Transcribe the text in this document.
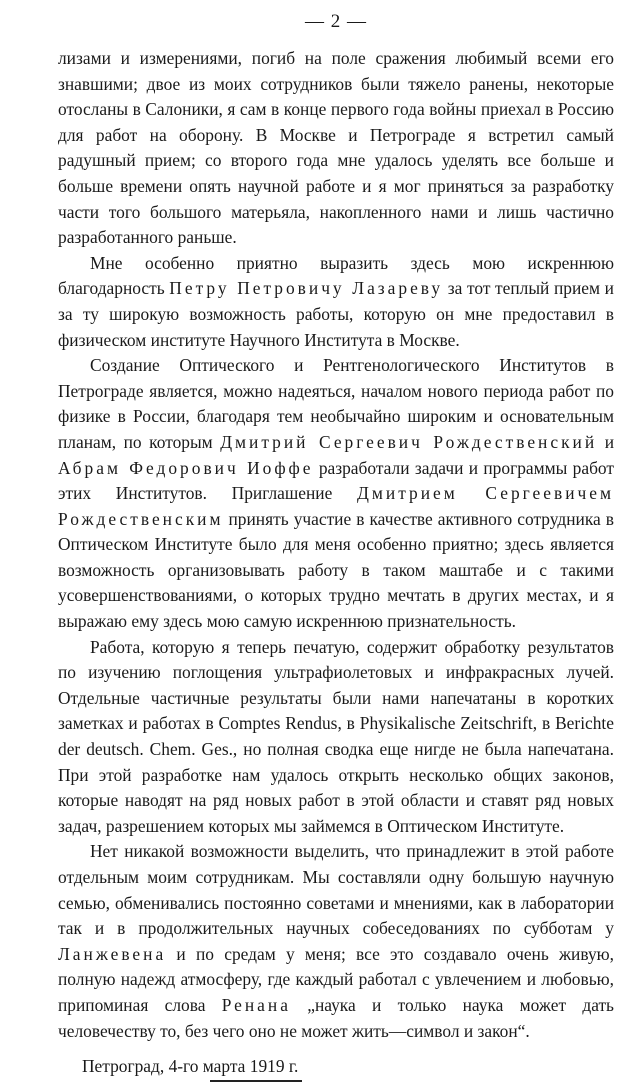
— 2 —

лизами и измерениями, погиб на поле сражения любимый всеми его знавшими; двое из моих сотрудников были тяжело ранены, некоторые отосланы в Салоники, я сам в конце первого года войны приехал в Россию для работ на оборону. В Москве и Петрограде я встретил самый радушный прием; со второго года мне удалось уделять все больше и больше времени опять научной работе и я мог приняться за разработку части того большого матерьяла, накопленного нами и лишь частично разработанного раньше.

Мне особенно приятно выразить здесь мою искреннюю благодарность Петру Петровичу Лазареву за тот теплый прием и за ту широкую возможность работы, которую он мне предоставил в физическом институте Научного Института в Москве.

Создание Оптического и Рентгенологического Институтов в Петрограде является, можно надеяться, началом нового периода работ по физике в России, благодаря тем необычайно широким и основательным планам, по которым Дмитрий Сергеевич Рождественский и Абрам Федорович Иоффе разработали задачи и программы работ этих Институтов. Приглашение Дмитрием Сергеевичем Рождественским принять участие в качестве активного сотрудника в Оптическом Институте было для меня особенно приятно; здесь является возможность организовывать работу в таком маштабе и с такими усовершенствованиями, о которых трудно мечтать в других местах, и я выражаю ему здесь мою самую искреннюю признательность.

Работа, которую я теперь печатую, содержит обработку результатов по изучению поглощения ультрафиолетовых и инфракрасных лучей. Отдельные частичные результаты были нами напечатаны в коротких заметках и работах в Comptes Rendus, в Physikalische Zeitschrift, в Berichte der deutsch. Chem. Ges., но полная сводка еще нигде не была напечатана. При этой разработке нам удалось открыть несколько общих законов, которые наводят на ряд новых работ в этой области и ставят ряд новых задач, разрешением которых мы займемся в Оптическом Институте.

Нет никакой возможности выделить, что принадлежит в этой работе отдельным моим сотрудникам. Мы составляли одну большую научную семью, обменивались постоянно советами и мнениями, как в лаборатории так и в продолжительных научных собеседованиях по субботам у Ланжевена и по средам у меня; все это создавало очень живую, полную надежд атмосферу, где каждый работал с увлечением и любовью, припоминая слова Ренана „наука и только наука может дать человечеству то, без чего оно не может жить—символ и закон“.

Петроград, 4-го марта 1919 г.
